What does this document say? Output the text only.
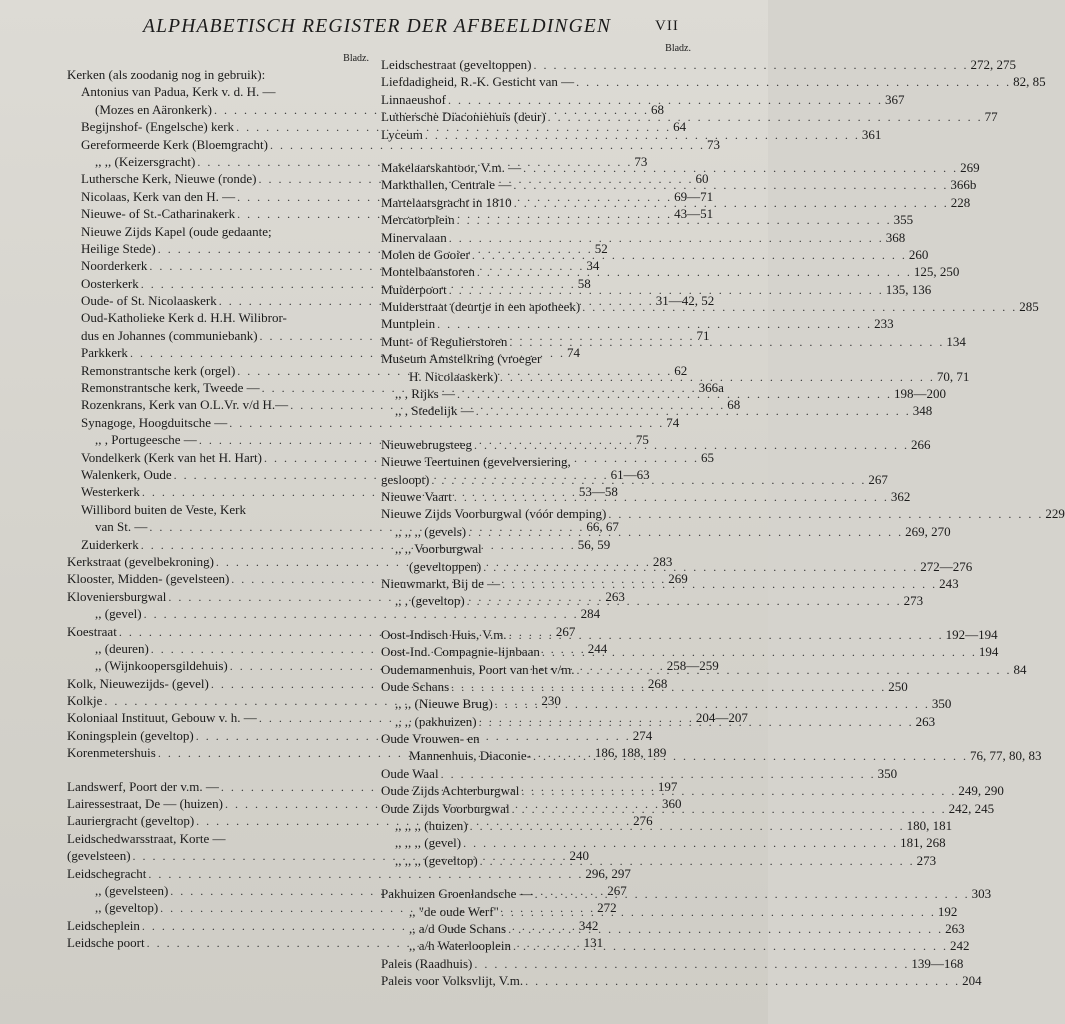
ALPHABETISCH REGISTER DER AFBEELDINGEN	VII
Bladz.
Kerken (als zoodanig nog in gebruik):
Antonius van Padua, Kerk v. d. H. —
(Mozes en Aäronkerk) . . .	68
Begijnshof- (Engelsche) kerk . . .	64
Gereformeerde Kerk (Bloemgracht) . . .	73
,, ,, (Keizersgracht) . . .	73
Luthersche Kerk, Nieuwe (ronde) . . .	60
Nicolaas, Kerk van den H. — . . .	69—71
Nieuwe- of St.-Catharinakerk . . .	43—51
Nieuwe Zijds Kapel (oude gedaante;
Heilige Stede) . . .	52
Noorderkerk . . .	34
Oosterkerk . . .	58
Oude- of St. Nicolaaskerk . . .	31—42, 52
Oud-Katholieke Kerk d. H.H. Wilibror-
dus en Johannes (communiebank) . . .	71
Parkkerk . . .	74
Remonstrantsche kerk (orgel) . . .	62
Remonstrantsche kerk, Tweede — . . .	366a
Rozenkrans, Kerk van O.L.Vr. v/d H.— . . .	68
Synagoge, Hoogduitsche — . . .	74
,, , Portugeesche — . . .	75
Vondelkerk (Kerk van het H. Hart) . . .	65
Walenkerk, Oude . . .	61—63
Westerkerk . . .	53—58
Willibord buiten de Veste, Kerk
van St. — . . .	66, 67
Zuiderkerk . . .	56, 59
Kerkstraat (gevelbekroning) . . .	283
Klooster, Midden- (gevelsteen) . . .	269
Kloveniersburgwal . . .	263
,, (gevel) . . .	284
Koestraat . . .	267
,, (deuren) . . .	244
,, (Wijnkoopersgildehuis) . . .	258—259
Kolk, Nieuwezijds- (gevel) . . .	268
Kolkje . . .	230
Koloniaal Instituut, Gebouw v. h. — . . .	204—207
Koningsplein (geveltop) . . .	274
Korenmetershuis . . .	186, 188, 189
Landswerf, Poort der v.m. — . . .	197
Lairessestraat, De — (huizen) . . .	360
Lauriergracht (geveltop) . . .	276
Leidschedwarsstraat, Korte —
(gevelsteen) . . .	240
Leidschegracht . . .	296, 297
,, (gevelsteen) . . .	267
,, (geveltop) . . .	272
Leidscheplein . . .	342
Leidsche poort . . .	131
Bladz.
Leidschestraat (geveltoppen) . . .	272, 275
Liefdadigheid, R.-K. Gesticht van — . . .	82, 85
Linnaeushof . . .	367
Luthersche Diaconiehuis (deur) . . .	77
Lyceum . . .	361
Makelaarskantoor, V.m. — . . .	269
Markthallen, Centrale — . . .	366b
Martelaarsgracht in 1810 . . .	228
Mercatorplein . . .	355
Minervalaan . . .	368
Molen de Gooier . . .	260
Montelbaanstoren . . .	125, 250
Muiderpoort . . .	135, 136
Muiderstraat (deurtje in een apotheek) . . .	285
Muntplein . . .	233
Munt- of Regulierstoren . . .	134
Museum Amstelkring (vroeger
H. Nicolaaskerk) . . .	70, 71
,, , Rijks — . . .	198—200
,, , Stedelijk — . . .	348
Nieuwebrugsteeg . . .	266
Nieuwe Teertuinen (gevelversiering,
gesloopt) . . .	267
Nieuwe Vaart . . .	362
Nieuwe Zijds Voorburgwal (vóór demping) . . .	229
,, ,, ,, (gevels) . . .	269, 270
,, ,, Voorburgwal
(geveltoppen) . . .	272—276
Nieuwmarkt, Bij de — . . .	243
,, , (geveltop) . . .	273
Oost-Indisch Huis, V.m. . . .	192—194
Oost-Ind. Compagnie-lijnbaan . . .	194
Oudemannenhuis, Poort van het v/m. . . .	84
Oude Schans . . .	250
,, ,, (Nieuwe Brug) . . .	350
,, ,, (pakhuizen) . . .	263
Oude Vrouwen- en
Mannenhuis, Diaconie- . . .	76, 77, 80, 83
Oude Waal . . .	350
Oude Zijds Achterburgwal . . .	249, 290
Oude Zijds Voorburgwal . . .	242, 245
,, ,, ,, (huizen) . . .	180, 181
,, ,, ,, (gevel) . . .	181, 268
,, ,, ,, (geveltop) . . .	273
Pakhuizen Groenlandsche — . . .	303
,, "de oude Werf" . . .	192
,, a/d Oude Schans . . .	263
,, a/h Waterlooplein . . .	242
Paleis (Raadhuis) . . .	139—168
Paleis voor Volksvlijt, V.m. . . .	204
